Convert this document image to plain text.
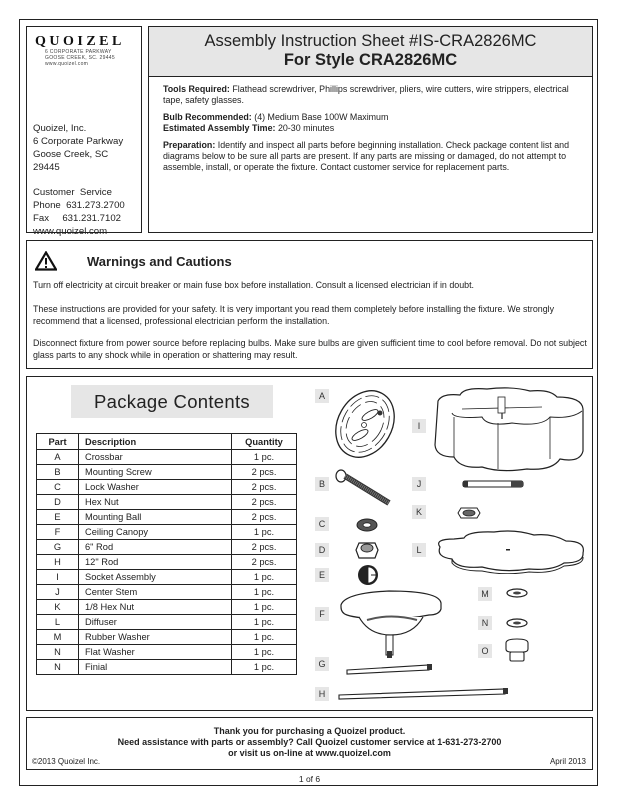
QUOIZEL
6 CORPORATE PARKWAY
GOOSE CREEK, SC. 29445
www.quoizel.com
Quoizel, Inc.
6 Corporate Parkway
Goose Creek, SC
29445
Customer  Service
Phone  631.273.2700
Fax     631.231.7102
www.quoizel.com
Assembly Instruction Sheet #IS-CRA2826MC
For Style CRA2826MC

Tools Required: Flathead screwdriver, Phillips screwdriver, pliers, wire cutters, wire strippers, electrical tape, safety glasses.

Bulb Recommended: (4) Medium Base 100W Maximum

Estimated Assembly Time: 20-30 minutes

Preparation: Identify and inspect all parts before beginning installation. Check package content list and diagrams below to be sure all parts are present. If any parts are missing or damaged, do not attempt to assemble, install, or operate the fixture. Contact customer service for replacement parts.

Warnings and Cautions
Turn off electricity at circuit breaker or main fuse box before installation. Consult a licensed electrician if in doubt.
These instructions are provided for your safety. It is very important you read them completely before installing the fixture. We strongly recommend that a licensed, professional electrician perform the installation.
Disconnect fixture from power source before replacing bulbs. Make sure bulbs are given sufficient time to cool before removal. Do not subject glass parts to any shock while in operation or shattering may result.
Package Contents
Part	Description	Quantity
A	Crossbar	1 pc.
B	Mounting Screw	2 pcs.
C	Lock Washer	2 pcs.
D	Hex Nut	2 pcs.
E	Mounting Ball	2 pcs.
F	Ceiling Canopy	1 pc.
G	6" Rod	2 pcs.
H	12" Rod	2 pcs.
I	Socket Assembly	1 pc.
J	Center Stem	1 pc.
K	1/8 Hex Nut	1 pc.
L	Diffuser	1 pc.
M	Rubber Washer	1 pc.
N	Flat Washer	1 pc.
N	Finial	1 pc.
A
B
C
D
E
F
G
H
I
J
K
L
M
N
O
Thank you for purchasing a Quoizel product.
Need assistance with parts or assembly? Call Quoizel customer service at 1-631-273-2700
or visit us on-line at www.quoizel.com
©2013 Quoizel Inc.	April 2013
1 of 6
